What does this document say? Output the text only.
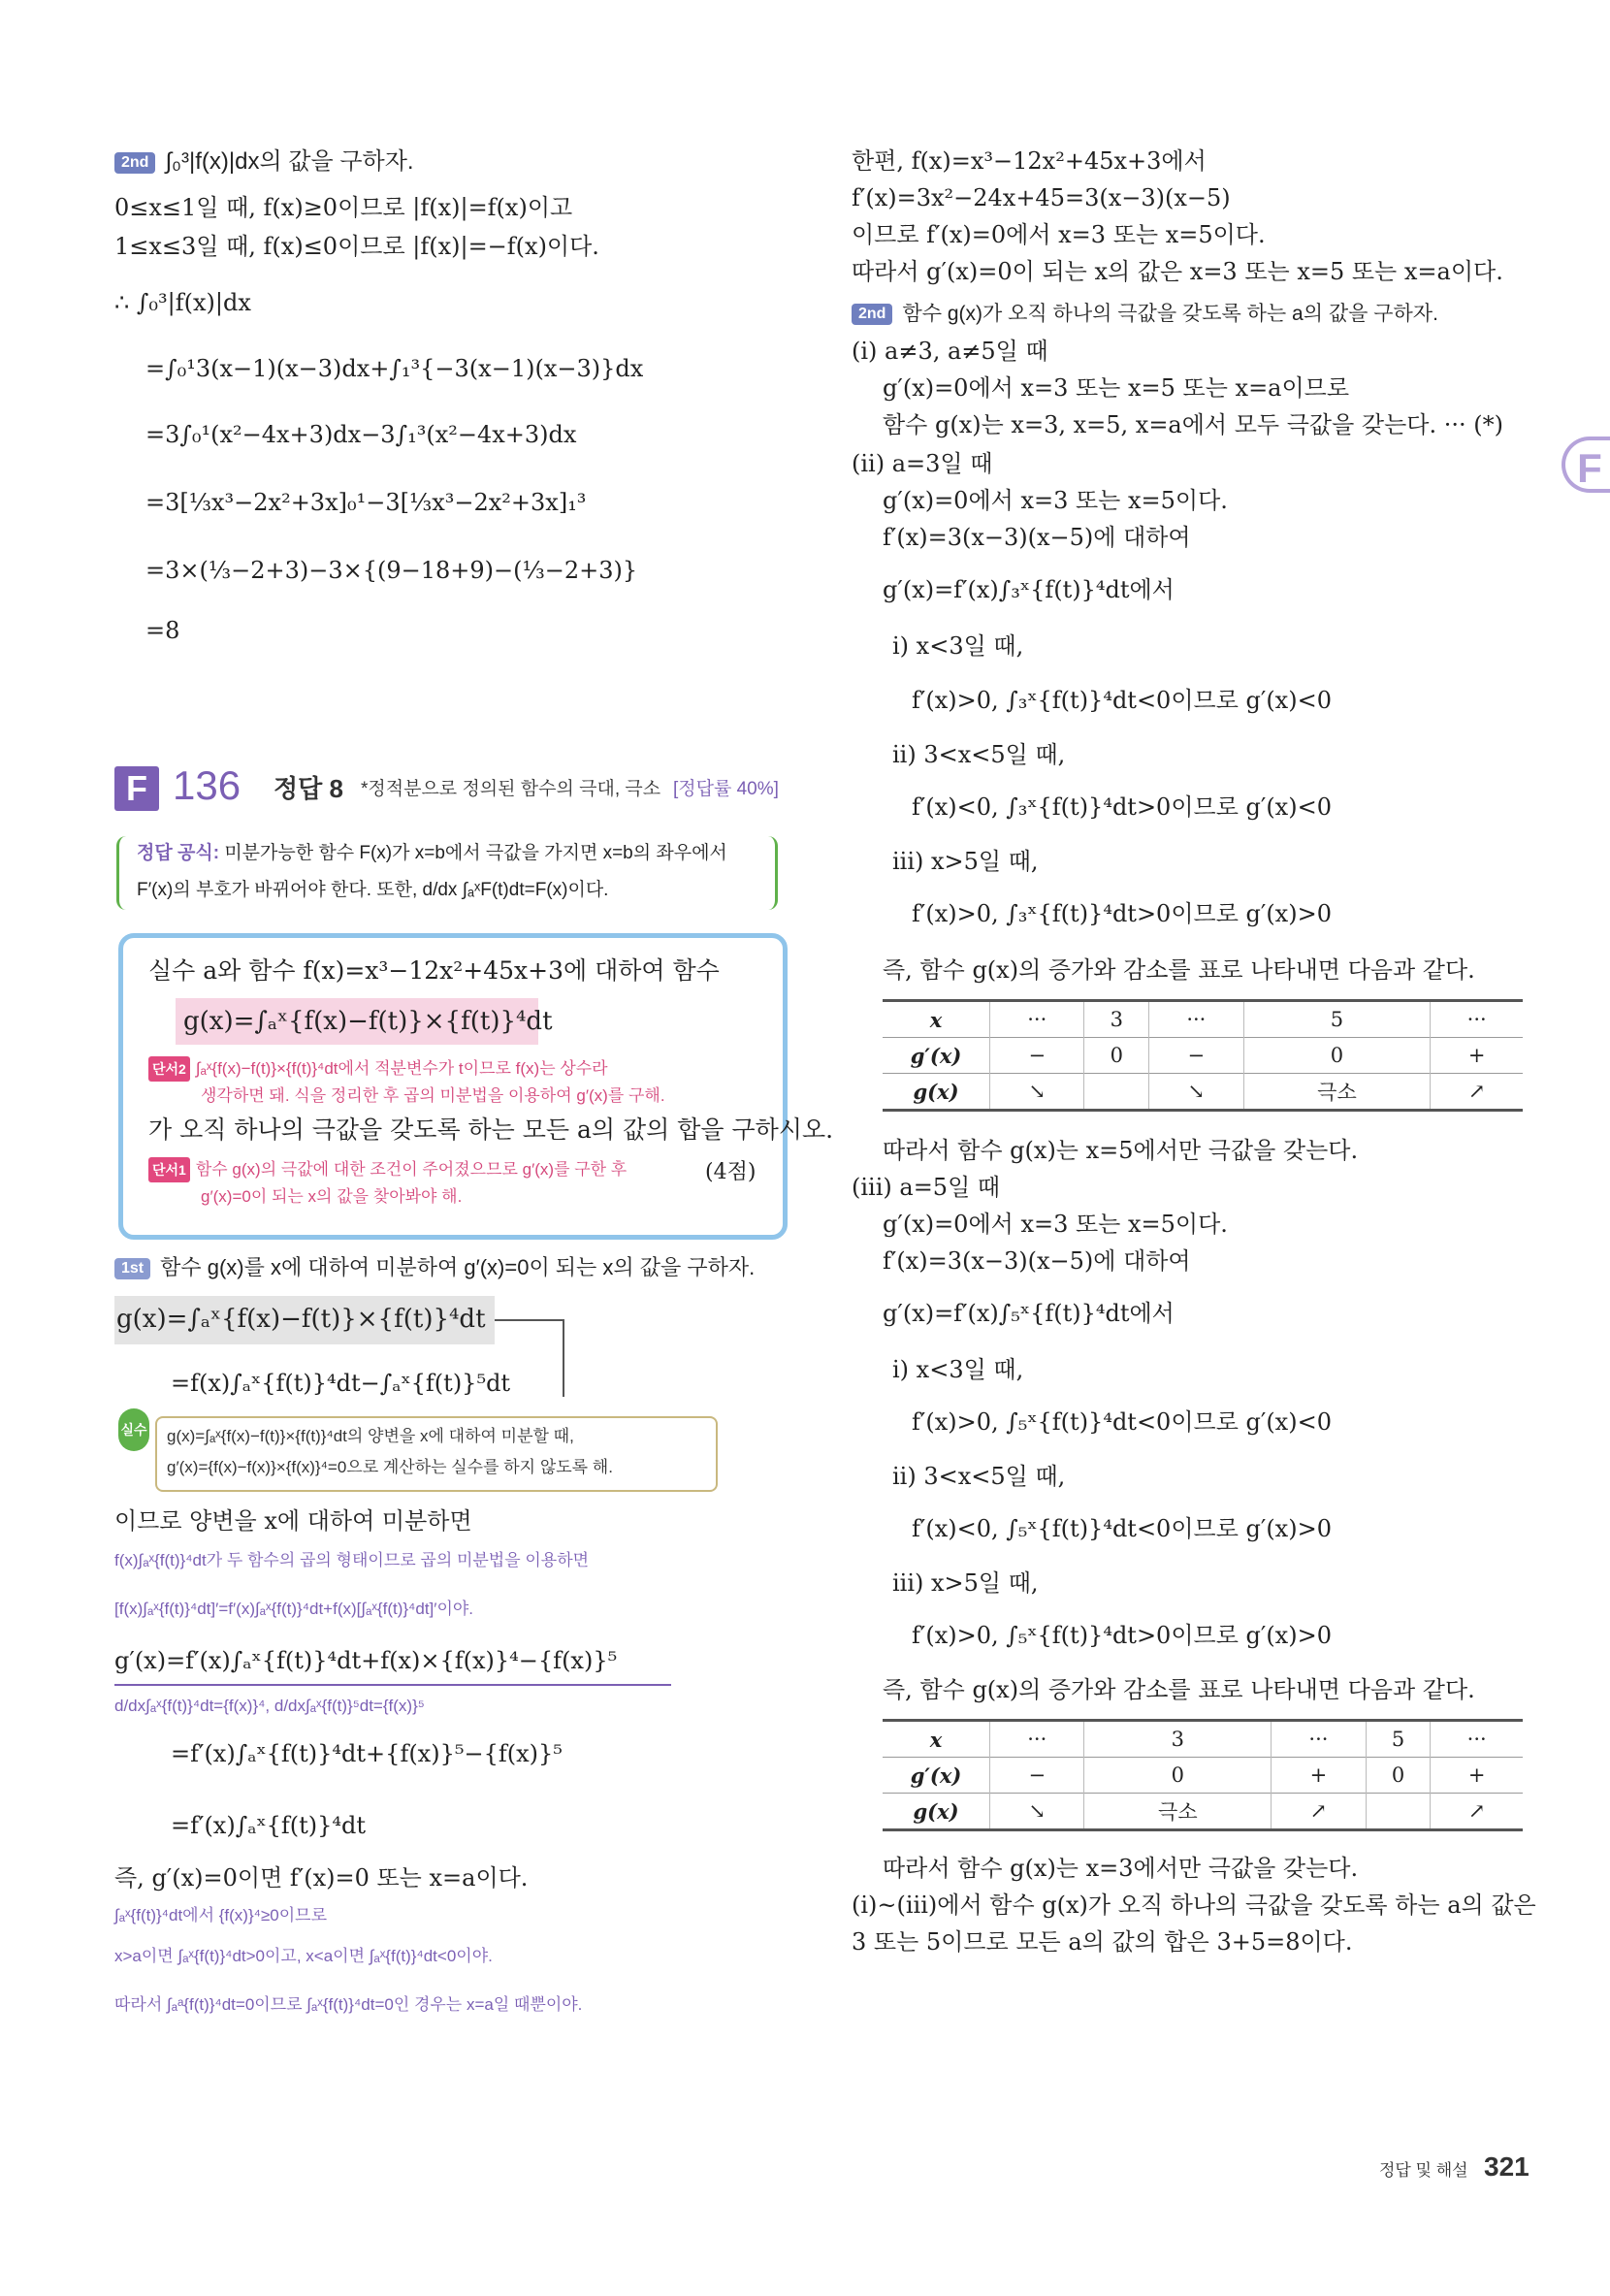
2nd ∫₀³|f(x)|dx의 값을 구하자.
0≤x≤1일 때, f(x)≥0이므로 |f(x)|=f(x)이고
1≤x≤3일 때, f(x)≤0이므로 |f(x)|=−f(x)이다.
∴ ∫₀³|f(x)|dx
=∫₀¹3(x−1)(x−3)dx+∫₁³{−3(x−1)(x−3)}dx
=3∫₀¹(x²−4x+3)dx−3∫₁³(x²−4x+3)dx
=3[⅓x³−2x²+3x]₀¹−3[⅓x³−2x²+3x]₁³
=3×(⅓−2+3)−3×{(9−18+9)−(⅓−2+3)}
=8
F 136 정답 8 *정적분으로 정의된 함수의 극대, 극소 [정답률 40%]
정답 공식: 미분가능한 함수 F(x)가 x=b에서 극값을 가지면 x=b의 좌우에서
F′(x)의 부호가 바뀌어야 한다. 또한, d/dx ∫ₐˣF(t)dt=F(x)이다.
실수 a와 함수 f(x)=x³−12x²+45x+3에 대하여 함수
g(x)=∫ₐˣ{f(x)−f(t)}×{f(t)}⁴dt
단서2 ∫ₐˣ{f(x)−f(t)}×{f(t)}⁴dt에서 적분변수가 t이므로 f(x)는 상수라
생각하면 돼. 식을 정리한 후 곱의 미분법을 이용하여 g′(x)를 구해.
가 오직 하나의 극값을 갖도록 하는 모든 a의 값의 합을 구하시오.
단서1 함수 g(x)의 극값에 대한 조건이 주어졌으므로 g′(x)를 구한 후
g′(x)=0이 되는 x의 값을 찾아봐야 해.
(4점)
1st 함수 g(x)를 x에 대하여 미분하여 g′(x)=0이 되는 x의 값을 구하자.
g(x)=∫ₐˣ{f(x)−f(t)}×{f(t)}⁴dt
=f(x)∫ₐˣ{f(t)}⁴dt−∫ₐˣ{f(t)}⁵dt
실수 g(x)=∫ₐˣ{f(x)−f(t)}×{f(t)}⁴dt의 양변을 x에 대하여 미분할 때,
g′(x)={f(x)−f(x)}×{f(x)}⁴=0으로 계산하는 실수를 하지 않도록 해.
이므로 양변을 x에 대하여 미분하면
f(x)∫ₐˣ{f(t)}⁴dt가 두 함수의 곱의 형태이므로 곱의 미분법을 이용하면
[f(x)∫ₐˣ{f(t)}⁴dt]′=f′(x)∫ₐˣ{f(t)}⁴dt+f(x)[∫ₐˣ{f(t)}⁴dt]′이야.
g′(x)=f′(x)∫ₐˣ{f(t)}⁴dt+f(x)×{f(x)}⁴−{f(x)}⁵
d/dx∫ₐˣ{f(t)}⁴dt={f(x)}⁴, d/dx∫ₐˣ{f(t)}⁵dt={f(x)}⁵
=f′(x)∫ₐˣ{f(t)}⁴dt+{f(x)}⁵−{f(x)}⁵
=f′(x)∫ₐˣ{f(t)}⁴dt
즉, g′(x)=0이면 f′(x)=0 또는 x=a이다.
∫ₐˣ{f(t)}⁴dt에서 {f(x)}⁴≥0이므로
x>a이면 ∫ₐˣ{f(t)}⁴dt>0이고, x<a이면 ∫ₐˣ{f(t)}⁴dt<0이야.
따라서 ∫ₐᵃ{f(t)}⁴dt=0이므로 ∫ₐˣ{f(t)}⁴dt=0인 경우는 x=a일 때뿐이야.
한편, f(x)=x³−12x²+45x+3에서
f′(x)=3x²−24x+45=3(x−3)(x−5)
이므로 f′(x)=0에서 x=3 또는 x=5이다.
따라서 g′(x)=0이 되는 x의 값은 x=3 또는 x=5 또는 x=a이다.
2nd 함수 g(x)가 오직 하나의 극값을 갖도록 하는 a의 값을 구하자.
(i) a≠3, a≠5일 때
g′(x)=0에서 x=3 또는 x=5 또는 x=a이므로
함수 g(x)는 x=3, x=5, x=a에서 모두 극값을 갖는다. ··· (*)
(ii) a=3일 때
g′(x)=0에서 x=3 또는 x=5이다.
f′(x)=3(x−3)(x−5)에 대하여
g′(x)=f′(x)∫₃ˣ{f(t)}⁴dt에서
i) x<3일 때,
f′(x)>0, ∫₃ˣ{f(t)}⁴dt<0이므로 g′(x)<0
ii) 3<x<5일 때,
f′(x)<0, ∫₃ˣ{f(t)}⁴dt>0이므로 g′(x)<0
iii) x>5일 때,
f′(x)>0, ∫₃ˣ{f(t)}⁴dt>0이므로 g′(x)>0
즉, 함수 g(x)의 증가와 감소를 표로 나타내면 다음과 같다.
x	···	3	···	5	···
g′(x)	−	0	−	0	+
g(x)	↘		↘	극소	↗
따라서 함수 g(x)는 x=5에서만 극값을 갖는다.
(iii) a=5일 때
g′(x)=0에서 x=3 또는 x=5이다.
f′(x)=3(x−3)(x−5)에 대하여
g′(x)=f′(x)∫₅ˣ{f(t)}⁴dt에서
i) x<3일 때,
f′(x)>0, ∫₅ˣ{f(t)}⁴dt<0이므로 g′(x)<0
ii) 3<x<5일 때,
f′(x)<0, ∫₅ˣ{f(t)}⁴dt<0이므로 g′(x)>0
iii) x>5일 때,
f′(x)>0, ∫₅ˣ{f(t)}⁴dt>0이므로 g′(x)>0
즉, 함수 g(x)의 증가와 감소를 표로 나타내면 다음과 같다.
x	···	3	···	5	···
g′(x)	−	0	+	0	+
g(x)	↘	극소	↗		↗
따라서 함수 g(x)는 x=3에서만 극값을 갖는다.
(i)~(iii)에서 함수 g(x)가 오직 하나의 극값을 갖도록 하는 a의 값은
3 또는 5이므로 모든 a의 값의 합은 3+5=8이다.
F
정답 및 해설 321
